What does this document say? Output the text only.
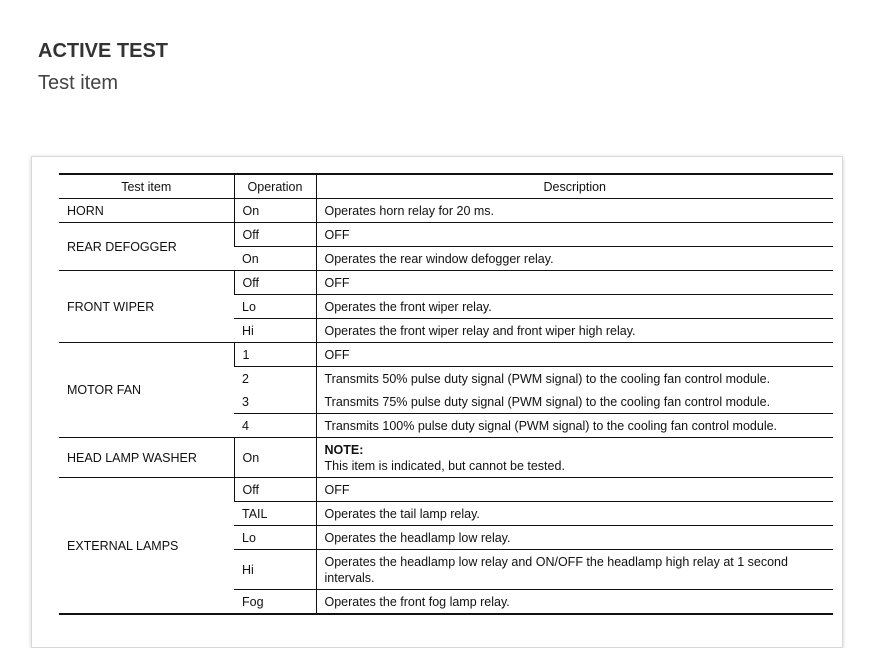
ACTIVE TEST
Test item
Test item	Operation	Description
HORN	On	Operates horn relay for 20 ms.
REAR DEFOGGER	Off	OFF
	On	Operates the rear window defogger relay.
FRONT WIPER	Off	OFF
	Lo	Operates the front wiper relay.
	Hi	Operates the front wiper relay and front wiper high relay.
MOTOR FAN	1	OFF
	2	Transmits 50% pulse duty signal (PWM signal) to the cooling fan control module.
	3	Transmits 75% pulse duty signal (PWM signal) to the cooling fan control module.
	4	Transmits 100% pulse duty signal (PWM signal) to the cooling fan control module.
HEAD LAMP WASHER	On	NOTE:
This item is indicated, but cannot be tested.

EXTERNAL LAMPS	Off	OFF
	TAIL	Operates the tail lamp relay.
	Lo	Operates the headlamp low relay.
	Hi	Operates the headlamp low relay and ON/OFF the headlamp high relay at 1 second intervals.
	Fog	Operates the front fog lamp relay.
